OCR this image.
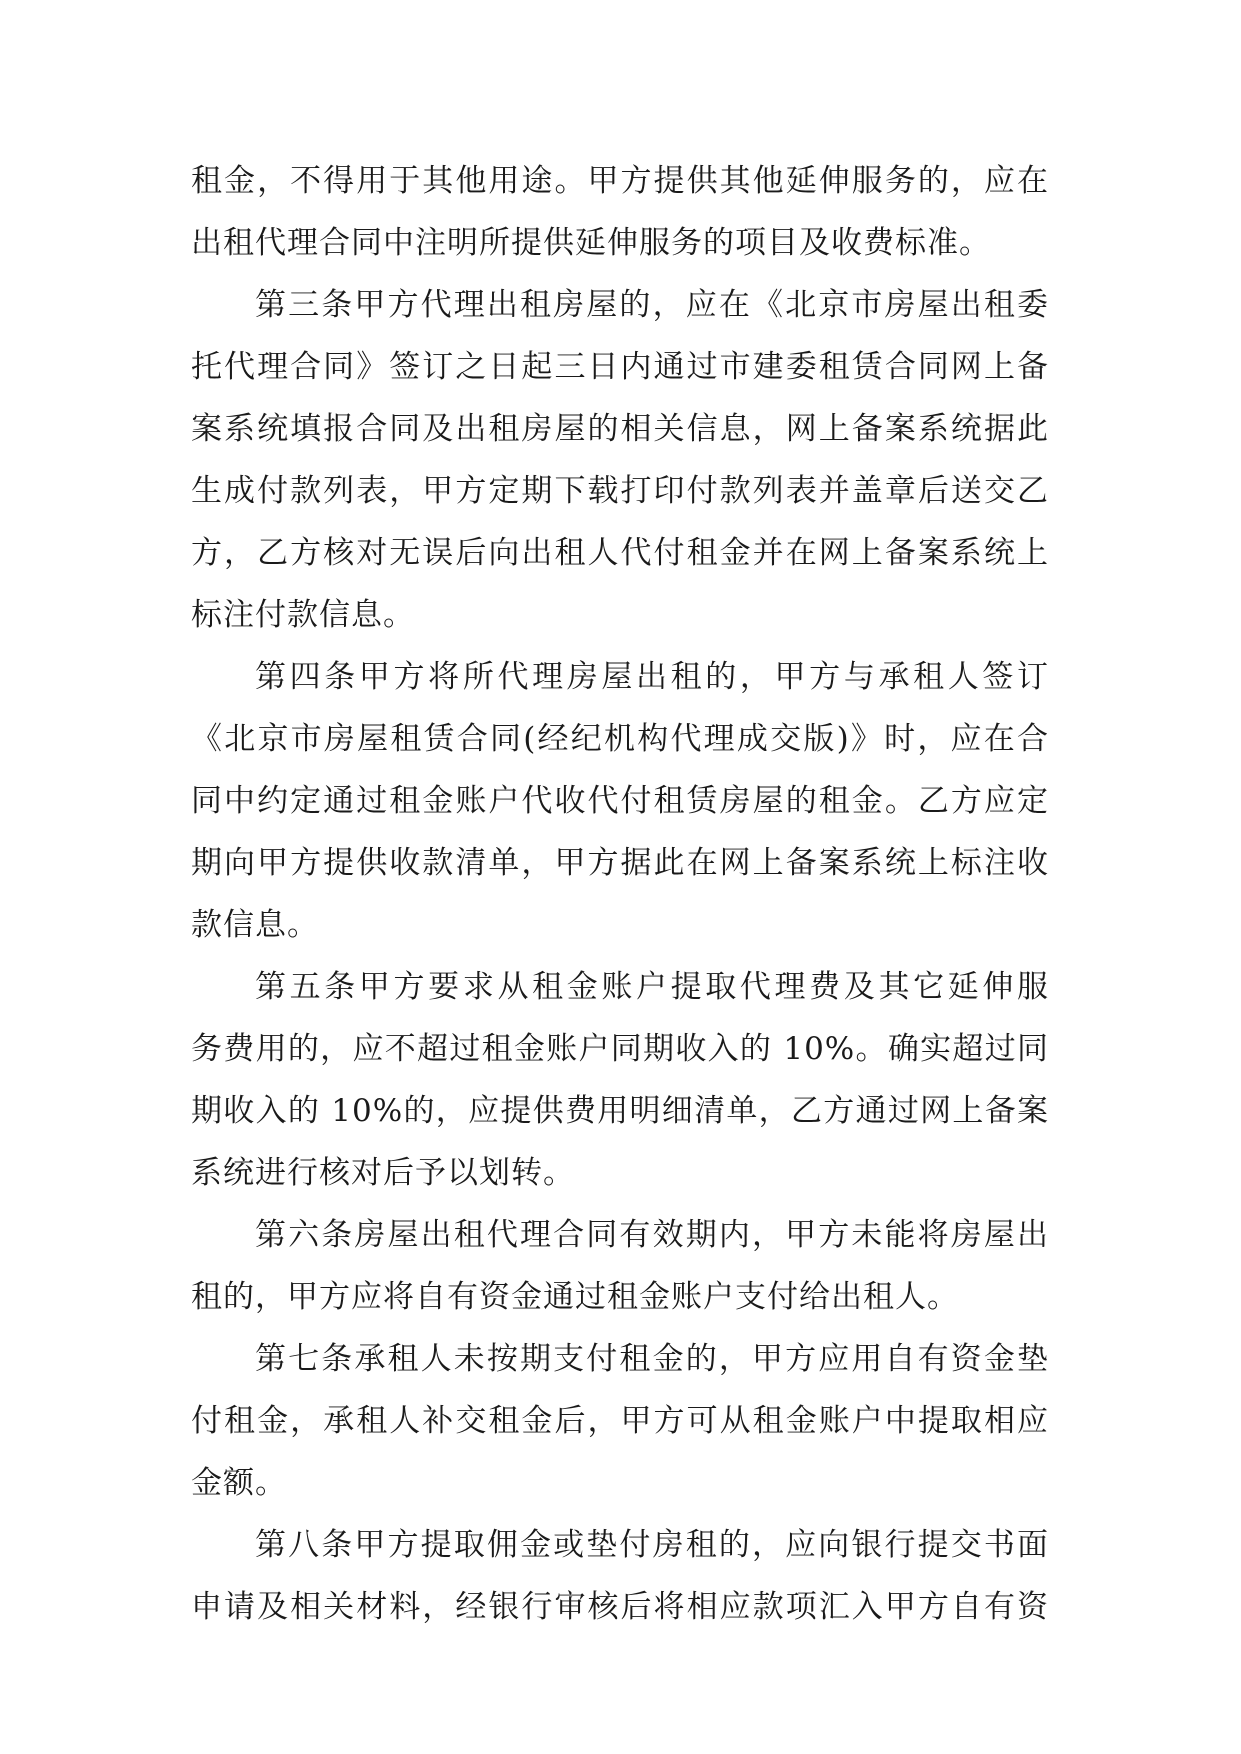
租金，不得用于其他用途。甲方提供其他延伸服务的，应在
出租代理合同中注明所提供延伸服务的项目及收费标准。
第三条甲方代理出租房屋的，应在《北京市房屋出租委
托代理合同》签订之日起三日内通过市建委租赁合同网上备
案系统填报合同及出租房屋的相关信息，网上备案系统据此
生成付款列表，甲方定期下载打印付款列表并盖章后送交乙
方，乙方核对无误后向出租人代付租金并在网上备案系统上
标注付款信息。
第四条甲方将所代理房屋出租的，甲方与承租人签订
《北京市房屋租赁合同(经纪机构代理成交版)》时，应在合
同中约定通过租金账户代收代付租赁房屋的租金。乙方应定
期向甲方提供收款清单，甲方据此在网上备案系统上标注收
款信息。
第五条甲方要求从租金账户提取代理费及其它延伸服
务费用的，应不超过租金账户同期收入的 10%。确实超过同
期收入的 10%的，应提供费用明细清单，乙方通过网上备案
系统进行核对后予以划转。
第六条房屋出租代理合同有效期内，甲方未能将房屋出
租的，甲方应将自有资金通过租金账户支付给出租人。
第七条承租人未按期支付租金的，甲方应用自有资金垫
付租金，承租人补交租金后，甲方可从租金账户中提取相应
金额。
第八条甲方提取佣金或垫付房租的，应向银行提交书面
申请及相关材料，经银行审核后将相应款项汇入甲方自有资
